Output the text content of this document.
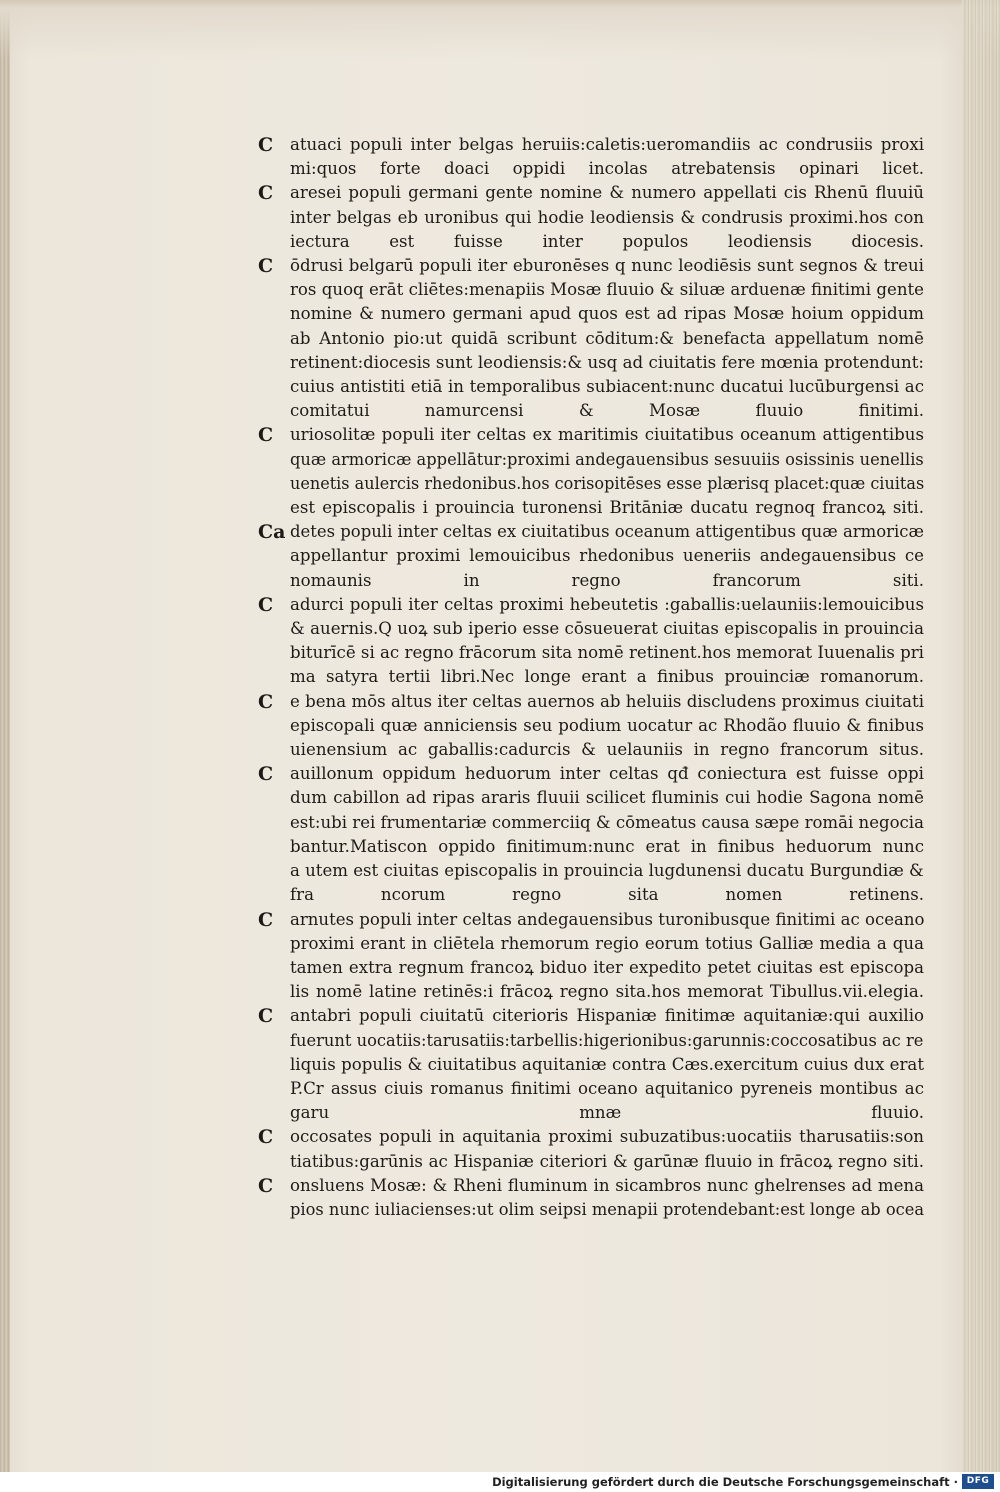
C atuaci populi inter belgas heruiis:caletis:ueromandiis ac condrusiis proxi
mi:quos forte doaci oppidi incolas atrebatensis opinari licet.
C aresei populi germani gente nomine & numero appellati cis Rhenū fluuiū
inter belgas eb uronibus qui hodie leodiensis & condrusis proximi.hos con
iectura est fuisse inter populos leodiensis diocesis.
C ōdrusi belgarū populi iter eburonēses q nunc leodiēsis sunt segnos & treui
ros quoq erāt cliētes:menapiis Mosæ fluuio & siluæ arduenæ finitimi gente
nomine & numero germani apud quos est ad ripas Mosæ hoium oppidum
ab Antonio pio:ut quidā scribunt cōditum:& benefacta appellatum nomē
retinent:diocesis sunt leodiensis:& usq ad ciuitatis fere mœnia protendunt:
cuius antistiti etiā in temporalibus subiacent:nunc ducatui lucūburgensi ac
comitatui namurcensi & Mosæ fluuio finitimi.
C uriosolitæ populi iter celtas ex maritimis ciuitatibus oceanum attigentibus
quæ armoricæ appellātur:proximi andegauensibus sesuuiis osissinis uenellis
uenetis aulercis rhedonibus.hos corisopitēses esse plærisq placet:quæ ciuitas
est episcopalis i prouincia turonensi Britāniæ ducatu regnoq francoꝝ siti.
Ca detes populi inter celtas ex ciuitatibus oceanum attigentibus quæ armoricæ
appellantur proximi lemouicibus rhedonibus ueneriis andegauensibus ce
nomaunis in regno francorum siti.
C adurci populi iter celtas proximi hebeutetis :gaballis:uelauniis:lemouicibus
& auernis.Q uoꝝ sub iperio esse cōsueuerat ciuitas episcopalis in prouincia
biturīcē si ac regno frācorum sita nomē retinent.hos memorat Iuuenalis pri
ma satyra tertii libri.Nec longe erant a finibus prouinciæ romanorum.
C e bena mōs altus iter celtas auernos ab heluiis discludens proximus ciuitati
episcopali quæ anniciensis seu podium uocatur ac Rhodão fluuio & finibus
uienensium ac gaballis:cadurcis & uelauniis in regno francorum situs.
C auillonum oppidum heduorum inter celtas qđ coniectura est fuisse oppi
dum cabillon ad ripas araris fluuii scilicet fluminis cui hodie Sagona nomē
est:ubi rei frumentariæ commerciiq & cōmeatus causa sæpe romāi negocia
bantur.Matiscon oppido finitimum:nunc erat in finibus heduorum nunc
a utem est ciuitas episcopalis in prouincia lugdunensi ducatu Burgundiæ &
fra ncorum regno sita nomen retinens.
C arnutes populi inter celtas andegauensibus turonibusque finitimi ac oceano
proximi erant in cliētela rhemorum regio eorum totius Galliæ media a qua
tamen extra regnum francoꝝ biduo iter expedito petet ciuitas est episcopa
lis nomē latine retinēs:i frācoꝝ regno sita.hos memorat Tibullus.vii.elegia.
C antabri populi ciuitatū citerioris Hispaniæ finitimæ aquitaniæ:qui auxilio
fuerunt uocatiis:tarusatiis:tarbellis:higerionibus:garunnis:coccosatibus ac re
liquis populis & ciuitatibus aquitaniæ contra Cæs.exercitum cuius dux erat
P.Cr assus ciuis romanus finitimi oceano aquitanico pyreneis montibus ac
garu mnæ fluuio.
C occosates populi in aquitania proximi subuzatibus:uocatiis tharusatiis:son
tiatibus:garūnis ac Hispaniæ citeriori & garūnæ fluuio in frācoꝝ regno siti.
C onsluens Mosæ: & Rheni fluminum in sicambros nunc ghelrenses ad mena
pios nunc iuliacienses:ut olim seipsi menapii protendebant:est longe ab ocea
Digitalisierung gefördert durch die Deutsche Forschungsgemeinschaft · DFG
